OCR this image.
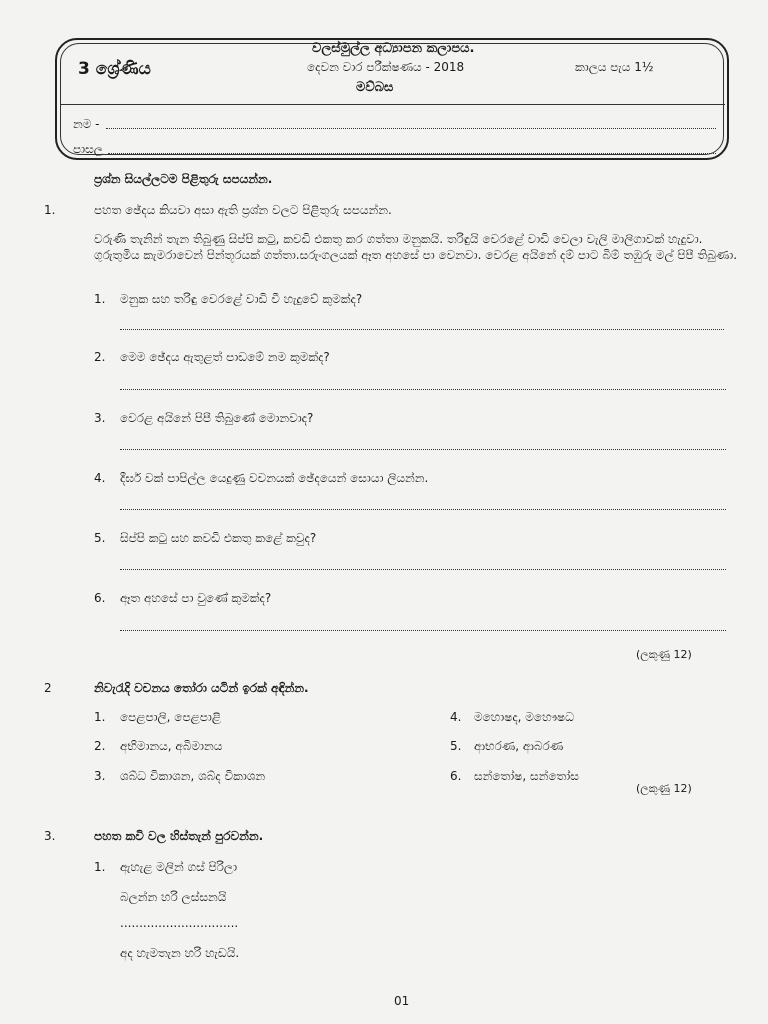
වලස්මුල්ල අධ්‍යාපන කලාපය.
දෙවන වාර පරීක්ෂණය - 2018
මව්බස
3 ශ්‍රේණිය	කාලය පැය 1½
නම -
පාසල
ප්‍රශ්න සියල්ලටම පිළිතුරු සපයන්න.
1.	පහත ඡේදය කියවා අසා ඇති ප්‍රශ්න වලට පිළිතුරු සපයන්න.
වරුණි තැනින් තැන තිබුණු සිප්පි කටු, කවඩි එකතු කර ගත්තා මනුකයි. තරිඳුයි වෙරළේ වාඩි වෙලා වැලි මාලිගාවක් හැදුවා. ගුරුතුමිය කැමරාවෙන් පින්තූරයක් ගත්තා.සරුංගලයක් ඈත අහසේ පා වෙනවා. වෙරළ අයිනේ දම් පාට බිම් තඹුරු මල් පිපී තිබුණා.
1. මනුක සහ තරිඳු වෙරළේ වාඩි වී හැදුවේ කුමක්ද?
2. මෙම ඡේදය ඇතුළත් පාඩමේ නම කුමක්ද?
3. වෙරළ අයිනේ පිපී තිබුණේ මොනවාද?
4. දීර්ඝ වක් පාපිල්ල යෙදුණු වචනයක් ඡේදයෙන් සොයා ලියන්න.
5. සිප්පි කටු සහ කවඩි එකතු කළේ කවුද?
6. ඈත අහසේ පා වුණේ කුමක්ද?
(ලකුණු 12)
2	නිවැරැදි වචනය තෝරා යටින් ඉරක් අඳින්න.
1. පෙළපාලි, පෙළපාළි
2. අභිමානය, අබිමානය
3. ශබ්ධ විකාශන, ශබ්ද විකාශන
4. මහොෂද, මහෞෂධ
5. ආභරණ, ආබරණ
6. සන්තෝෂ, සන්තෝස
(ලකුණු 12)
3.	පහත කවි වල හිස්තැන් පුරවන්න.
1. ඇහැළ මලින් ගස් පිරිලා
බලන්න හරි ලස්සනයි
...............................
අද හැමතැන හරි හැඩයි.
01
